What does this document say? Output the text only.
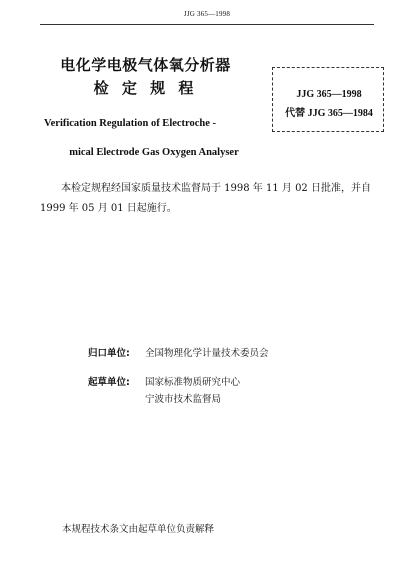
JJG 365—1998
电化学电极气体氧分析器
检 定 规 程
Verification Regulation of Electroche -
mical Electrode Gas Oxygen Analyser
JJG 365—1998
代替 JJG 365—1984
本检定规程经国家质量技术监督局于 1998 年 11 月 02 日批准，并自 1999 年 05 月 01 日起施行。
归口单位: 全国物理化学计量技术委员会
起草单位: 国家标准物质研究中心
宁波市技术监督局
本规程技术条文由起草单位负责解释
